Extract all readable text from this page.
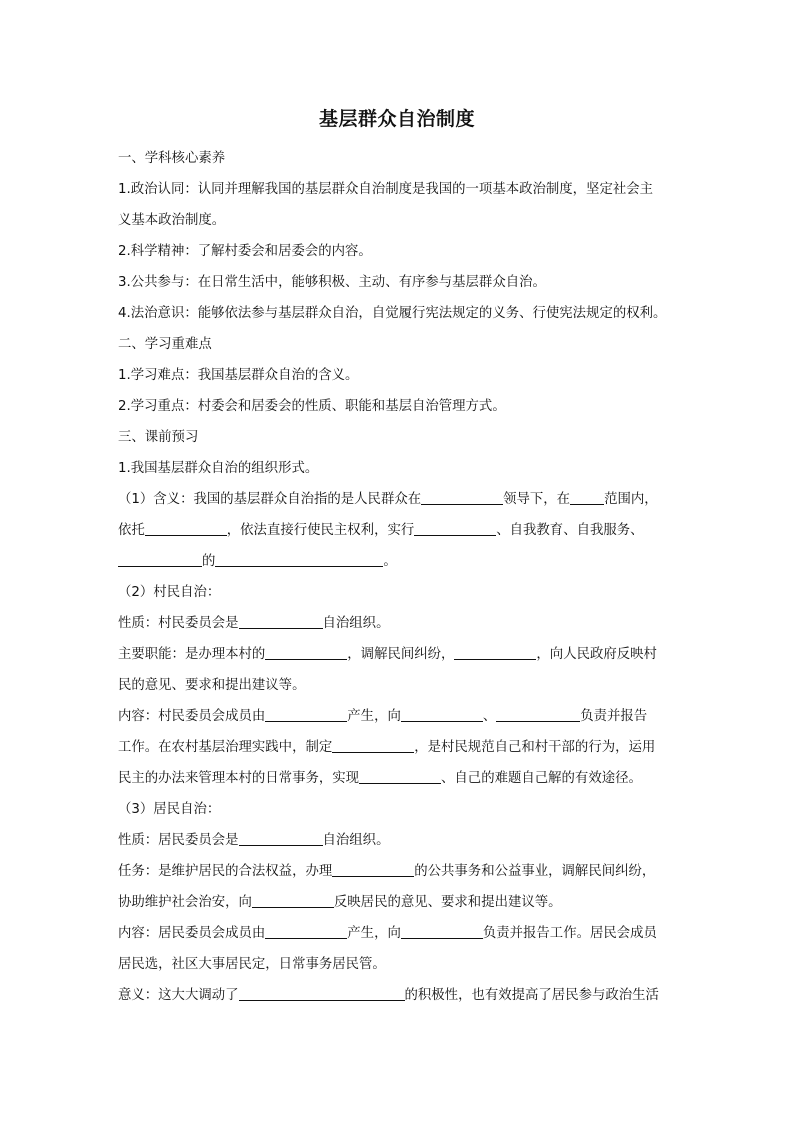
基层群众自治制度
一、学科核心素养
1.政治认同：认同并理解我国的基层群众自治制度是我国的一项基本政治制度，坚定社会主
义基本政治制度。
2.科学精神：了解村委会和居委会的内容。
3.公共参与：在日常生活中，能够积极、主动、有序参与基层群众自治。
4.法治意识：能够依法参与基层群众自治，自觉履行宪法规定的义务、行使宪法规定的权利。
二、学习重难点
1.学习难点：我国基层群众自治的含义。
2.学习重点：村委会和居委会的性质、职能和基层自治管理方式。
三、课前预习
1.我国基层群众自治的组织形式。
（1）含义：我国的基层群众自治指的是人民群众在	领导下，在	范围内，
依托	，依法直接行使民主权利，实行	、自我教育、自我服务、
的	。
（2）村民自治：
性质：村民委员会是	自治组织。
主要职能：是办理本村的	，调解民间纠纷，	，向人民政府反映村
民的意见、要求和提出建议等。
内容：村民委员会成员由	产生，向	、	负责并报告
工作。在农村基层治理实践中，制定	，是村民规范自己和村干部的行为，运用
民主的办法来管理本村的日常事务，实现	、自己的难题自己解的有效途径。
（3）居民自治：
性质：居民委员会是	自治组织。
任务：是维护居民的合法权益，办理	的公共事务和公益事业，调解民间纠纷，
协助维护社会治安，向	反映居民的意见、要求和提出建议等。
内容：居民委员会成员由	产生，向	负责并报告工作。居民会成员
居民选，社区大事居民定，日常事务居民管。
意义：这大大调动了	的积极性，也有效提高了居民参与政治生活
